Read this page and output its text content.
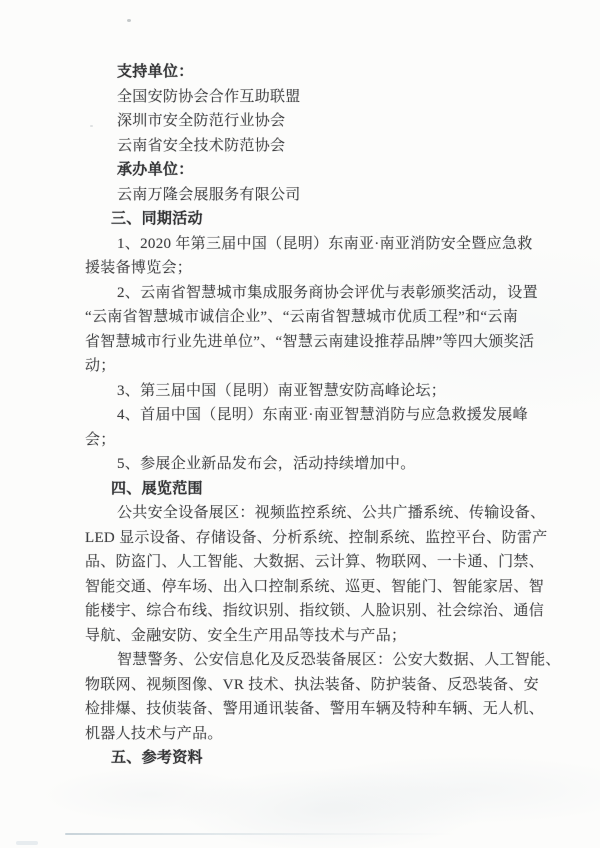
支持单位：
全国安防协会合作互助联盟
深圳市安全防范行业协会
云南省安全技术防范协会
承办单位：
云南万隆会展服务有限公司
三、同期活动
1、2020 年第三届中国（昆明）东南亚·南亚消防安全暨应急救
援装备博览会；
2、云南省智慧城市集成服务商协会评优与表彰颁奖活动，设置
“云南省智慧城市诚信企业”、“云南省智慧城市优质工程”和“云南
省智慧城市行业先进单位”、“智慧云南建设推荐品牌”等四大颁奖活
动；
3、第三届中国（昆明）南亚智慧安防高峰论坛；
4、首届中国（昆明）东南亚·南亚智慧消防与应急救援发展峰
会；
5、参展企业新品发布会，活动持续增加中。
四、展览范围
公共安全设备展区：视频监控系统、公共广播系统、传输设备、
LED 显示设备、存储设备、分析系统、控制系统、监控平台、防雷产
品、防盗门、人工智能、大数据、云计算、物联网、一卡通、门禁、
智能交通、停车场、出入口控制系统、巡更、智能门、智能家居、智
能楼宇、综合布线、指纹识别、指纹锁、人脸识别、社会综治、通信
导航、金融安防、安全生产用品等技术与产品；
智慧警务、公安信息化及反恐装备展区：公安大数据、人工智能、
物联网、视频图像、VR 技术、执法装备、防护装备、反恐装备、安
检排爆、技侦装备、警用通讯装备、警用车辆及特种车辆、无人机、
机器人技术与产品。
五、参考资料
